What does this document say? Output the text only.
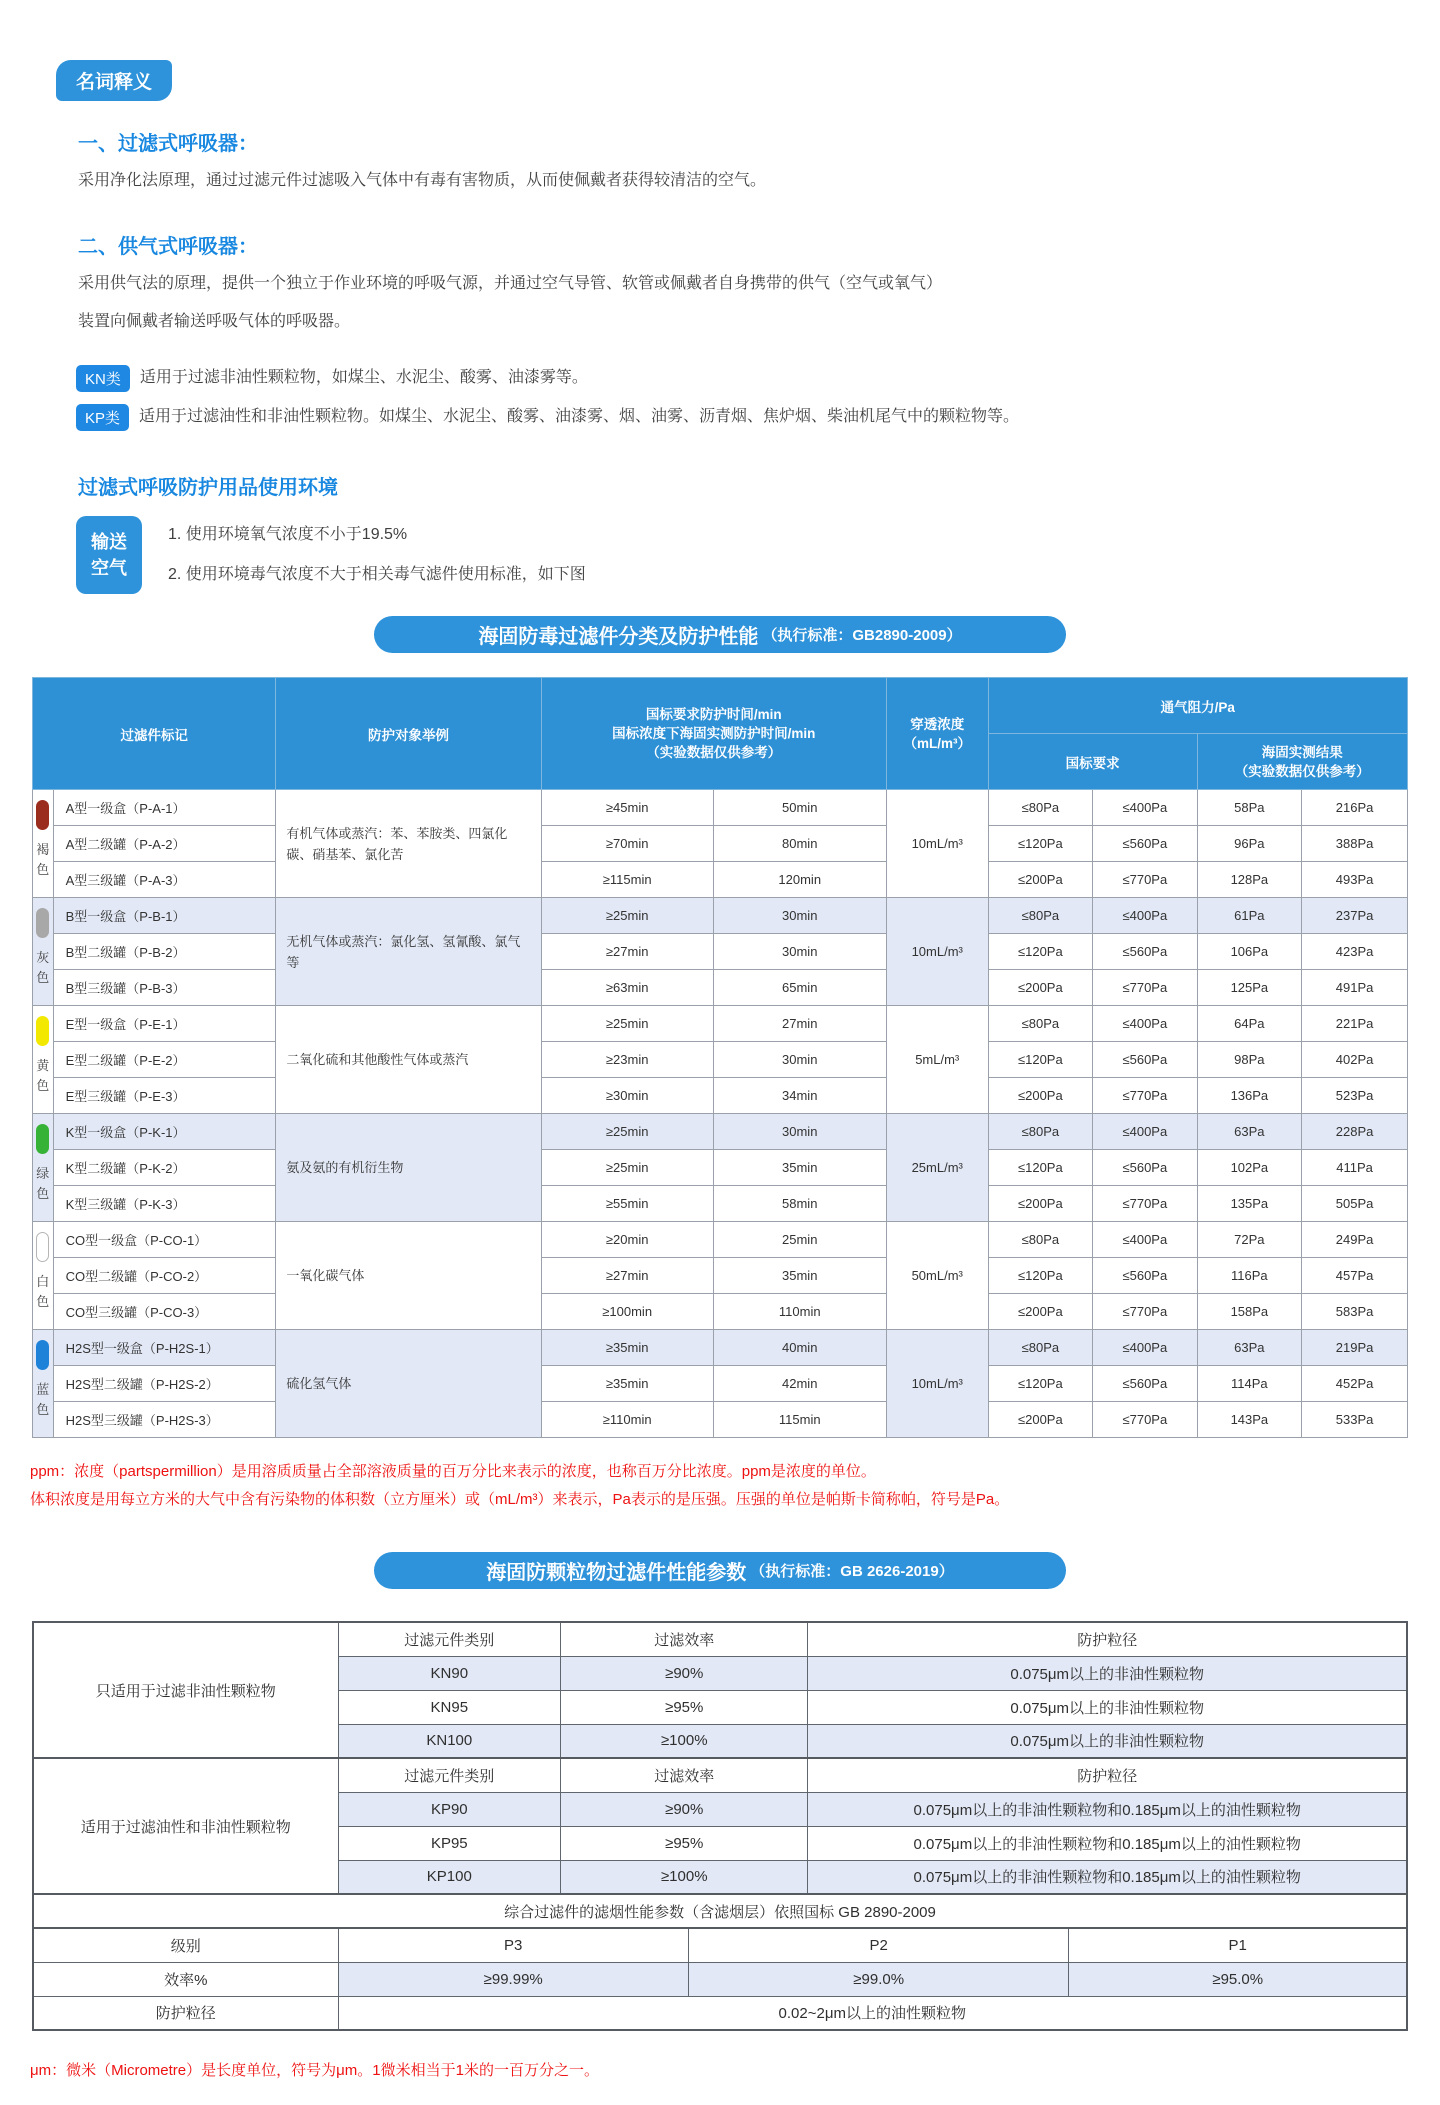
名词释义
一、过滤式呼吸器：

采用净化法原理，通过过滤元件过滤吸入气体中有毒有害物质，从而使佩戴者获得较清洁的空气。

二、供气式呼吸器：

采用供气法的原理，提供一个独立于作业环境的呼吸气源，并通过空气导管、软管或佩戴者自身携带的供气（空气或氧气）

装置向佩戴者输送呼吸气体的呼吸器。

KN类	适用于过滤非油性颗粒物，如煤尘、水泥尘、酸雾、油漆雾等。
KP类	适用于过滤油性和非油性颗粒物。如煤尘、水泥尘、酸雾、油漆雾、烟、油雾、沥青烟、焦炉烟、柴油机尾气中的颗粒物等。
过滤式呼吸防护用品使用环境
输送
空气

1. 使用环境氧气浓度不小于19.5%

2. 使用环境毒气浓度不大于相关毒气滤件使用标准，如下图

海固防毒过滤件分类及防护性能 （执行标准：GB2890-2009）
过滤件标记		防护对象举例	国标要求防护时间/min
国标浓度下海固实测防护时间/min
（实验数据仅供参考）		穿透浓度
（mL/m³）	通气阻力/Pa			
						国标要求		海固实测结果
（实验数据仅供参考）	

褐色	A型一级盒（P-A-1）	有机气体或蒸汽：苯、苯胺类、四氯化碳、硝基苯、氯化苦	≥45min	50min	10mL/m³	≤80Pa	≤400Pa	58Pa	216Pa
	A型二级罐（P-A-2）		≥70min	80min		≤120Pa	≤560Pa	96Pa	388Pa
	A型三级罐（P-A-3）		≥115min	120min		≤200Pa	≤770Pa	128Pa	493Pa

灰色	B型一级盒（P-B-1）	无机气体或蒸汽：氯化氢、氢氰酸、氯气等	≥25min	30min	10mL/m³	≤80Pa	≤400Pa	61Pa	237Pa
	B型二级罐（P-B-2）		≥27min	30min		≤120Pa	≤560Pa	106Pa	423Pa
	B型三级罐（P-B-3）		≥63min	65min		≤200Pa	≤770Pa	125Pa	491Pa

黄色	E型一级盒（P-E-1）	二氧化硫和其他酸性气体或蒸汽	≥25min	27min	5mL/m³	≤80Pa	≤400Pa	64Pa	221Pa
	E型二级罐（P-E-2）		≥23min	30min		≤120Pa	≤560Pa	98Pa	402Pa
	E型三级罐（P-E-3）		≥30min	34min		≤200Pa	≤770Pa	136Pa	523Pa

绿色	K型一级盒（P-K-1）	氨及氨的有机衍生物	≥25min	30min	25mL/m³	≤80Pa	≤400Pa	63Pa	228Pa
	K型二级罐（P-K-2）		≥25min	35min		≤120Pa	≤560Pa	102Pa	411Pa
	K型三级罐（P-K-3）		≥55min	58min		≤200Pa	≤770Pa	135Pa	505Pa

白色	CO型一级盒（P-CO-1）	一氧化碳气体	≥20min	25min	50mL/m³	≤80Pa	≤400Pa	72Pa	249Pa
	CO型二级罐（P-CO-2）		≥27min	35min		≤120Pa	≤560Pa	116Pa	457Pa
	CO型三级罐（P-CO-3）		≥100min	110min		≤200Pa	≤770Pa	158Pa	583Pa

蓝色	H2S型一级盒（P-H2S-1）	硫化氢气体	≥35min	40min	10mL/m³	≤80Pa	≤400Pa	63Pa	219Pa
	H2S型二级罐（P-H2S-2）		≥35min	42min		≤120Pa	≤560Pa	114Pa	452Pa
	H2S型三级罐（P-H2S-3）		≥110min	115min		≤200Pa	≤770Pa	143Pa	533Pa

ppm：浓度（partspermillion）是用溶质质量占全部溶液质量的百万分比来表示的浓度，也称百万分比浓度。ppm是浓度的单位。

体积浓度是用每立方米的大气中含有污染物的体积数（立方厘米）或（mL/m³）来表示，Pa表示的是压强。压强的单位是帕斯卡简称帕，符号是Pa。

海固防颗粒物过滤件性能参数 （执行标准：GB 2626-2019）
只适用于过滤非油性颗粒物	过滤元件类别	过滤效率		防护粒径	
	KN90	≥90%		0.075μm以上的非油性颗粒物	
	KN95	≥95%		0.075μm以上的非油性颗粒物	
	KN100	≥100%		0.075μm以上的非油性颗粒物	
适用于过滤油性和非油性颗粒物	过滤元件类别	过滤效率		防护粒径	
	KP90	≥90%		0.075μm以上的非油性颗粒物和0.185μm以上的油性颗粒物	
	KP95	≥95%		0.075μm以上的非油性颗粒物和0.185μm以上的油性颗粒物	
	KP100	≥100%		0.075μm以上的非油性颗粒物和0.185μm以上的油性颗粒物	
综合过滤件的滤烟性能参数（含滤烟层）依照国标 GB 2890-2009					
级别	P3		P2		P1
效率%	≥99.99%		≥99.0%		≥95.0%
防护粒径	0.02~2μm以上的油性颗粒物				

μm：微米（Micrometre）是长度单位，符号为μm。1微米相当于1米的一百万分之一。
